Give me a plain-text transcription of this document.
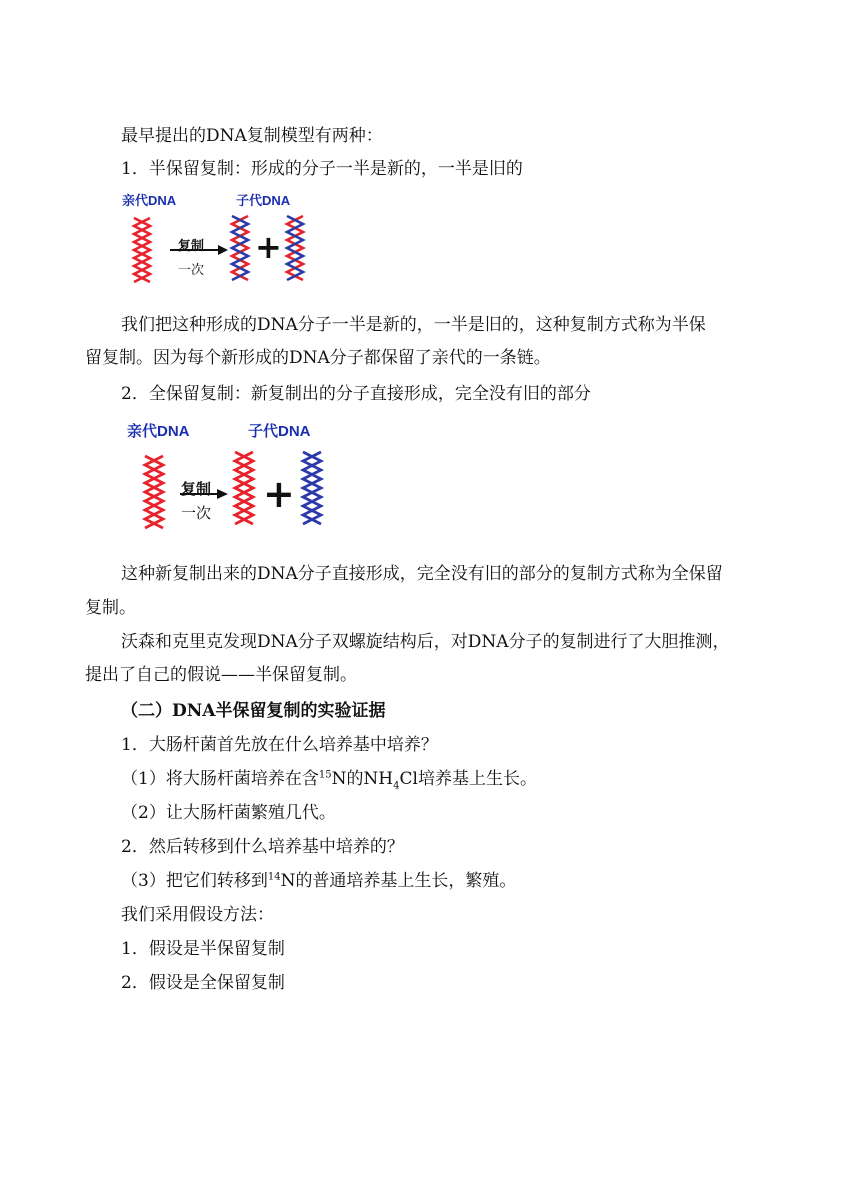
最早提出的DNA复制模型有两种：
1．半保留复制：形成的分子一半是新的，一半是旧的
亲代DNA	子代DNA
复制
一次
+
我们把这种形成的DNA分子一半是新的，一半是旧的，这种复制方式称为半保
留复制。因为每个新形成的DNA分子都保留了亲代的一条链。
2．全保留复制：新复制出的分子直接形成，完全没有旧的部分
亲代DNA	子代DNA
复制
一次 +
这种新复制出来的DNA分子直接形成，完全没有旧的部分的复制方式称为全保留
复制。
沃森和克里克发现DNA分子双螺旋结构后，对DNA分子的复制进行了大胆推测，
提出了自己的假说——半保留复制。
（二）DNA半保留复制的实验证据
1．大肠杆菌首先放在什么培养基中培养？
（1）将大肠杆菌培养在含$^{15}$N的$NH_4Cl$培养基上生长。
（2）让大肠杆菌繁殖几代。
2．然后转移到什么培养基中培养的？
（3）把它们转移到$^{14}$N的普通培养基上生长，繁殖。
我们采用假设方法：
1．假设是半保留复制
2．假设是全保留复制
